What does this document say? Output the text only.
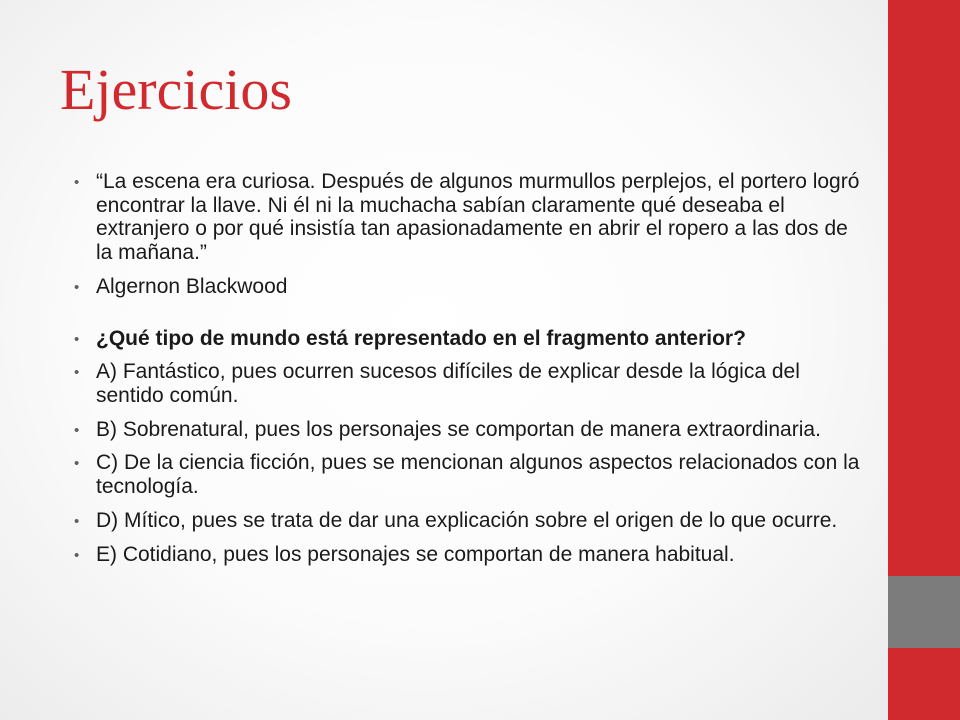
Ejercicios
• “La escena era curiosa. Después de algunos murmullos perplejos, el portero logró encontrar la llave. Ni él ni la muchacha sabían claramente qué deseaba el extranjero o por qué insistía tan apasionadamente en abrir el ropero a las dos de la mañana.”
• Algernon Blackwood
• ¿Qué tipo de mundo está representado en el fragmento anterior?
• A) Fantástico, pues ocurren sucesos difíciles de explicar desde la lógica del sentido común.
• B) Sobrenatural, pues los personajes se comportan de manera extraordinaria.
• C) De la ciencia ficción, pues se mencionan algunos aspectos relacionados con la tecnología.
• D) Mítico, pues se trata de dar una explicación sobre el origen de lo que ocurre.
• E) Cotidiano, pues los personajes se comportan de manera habitual.
